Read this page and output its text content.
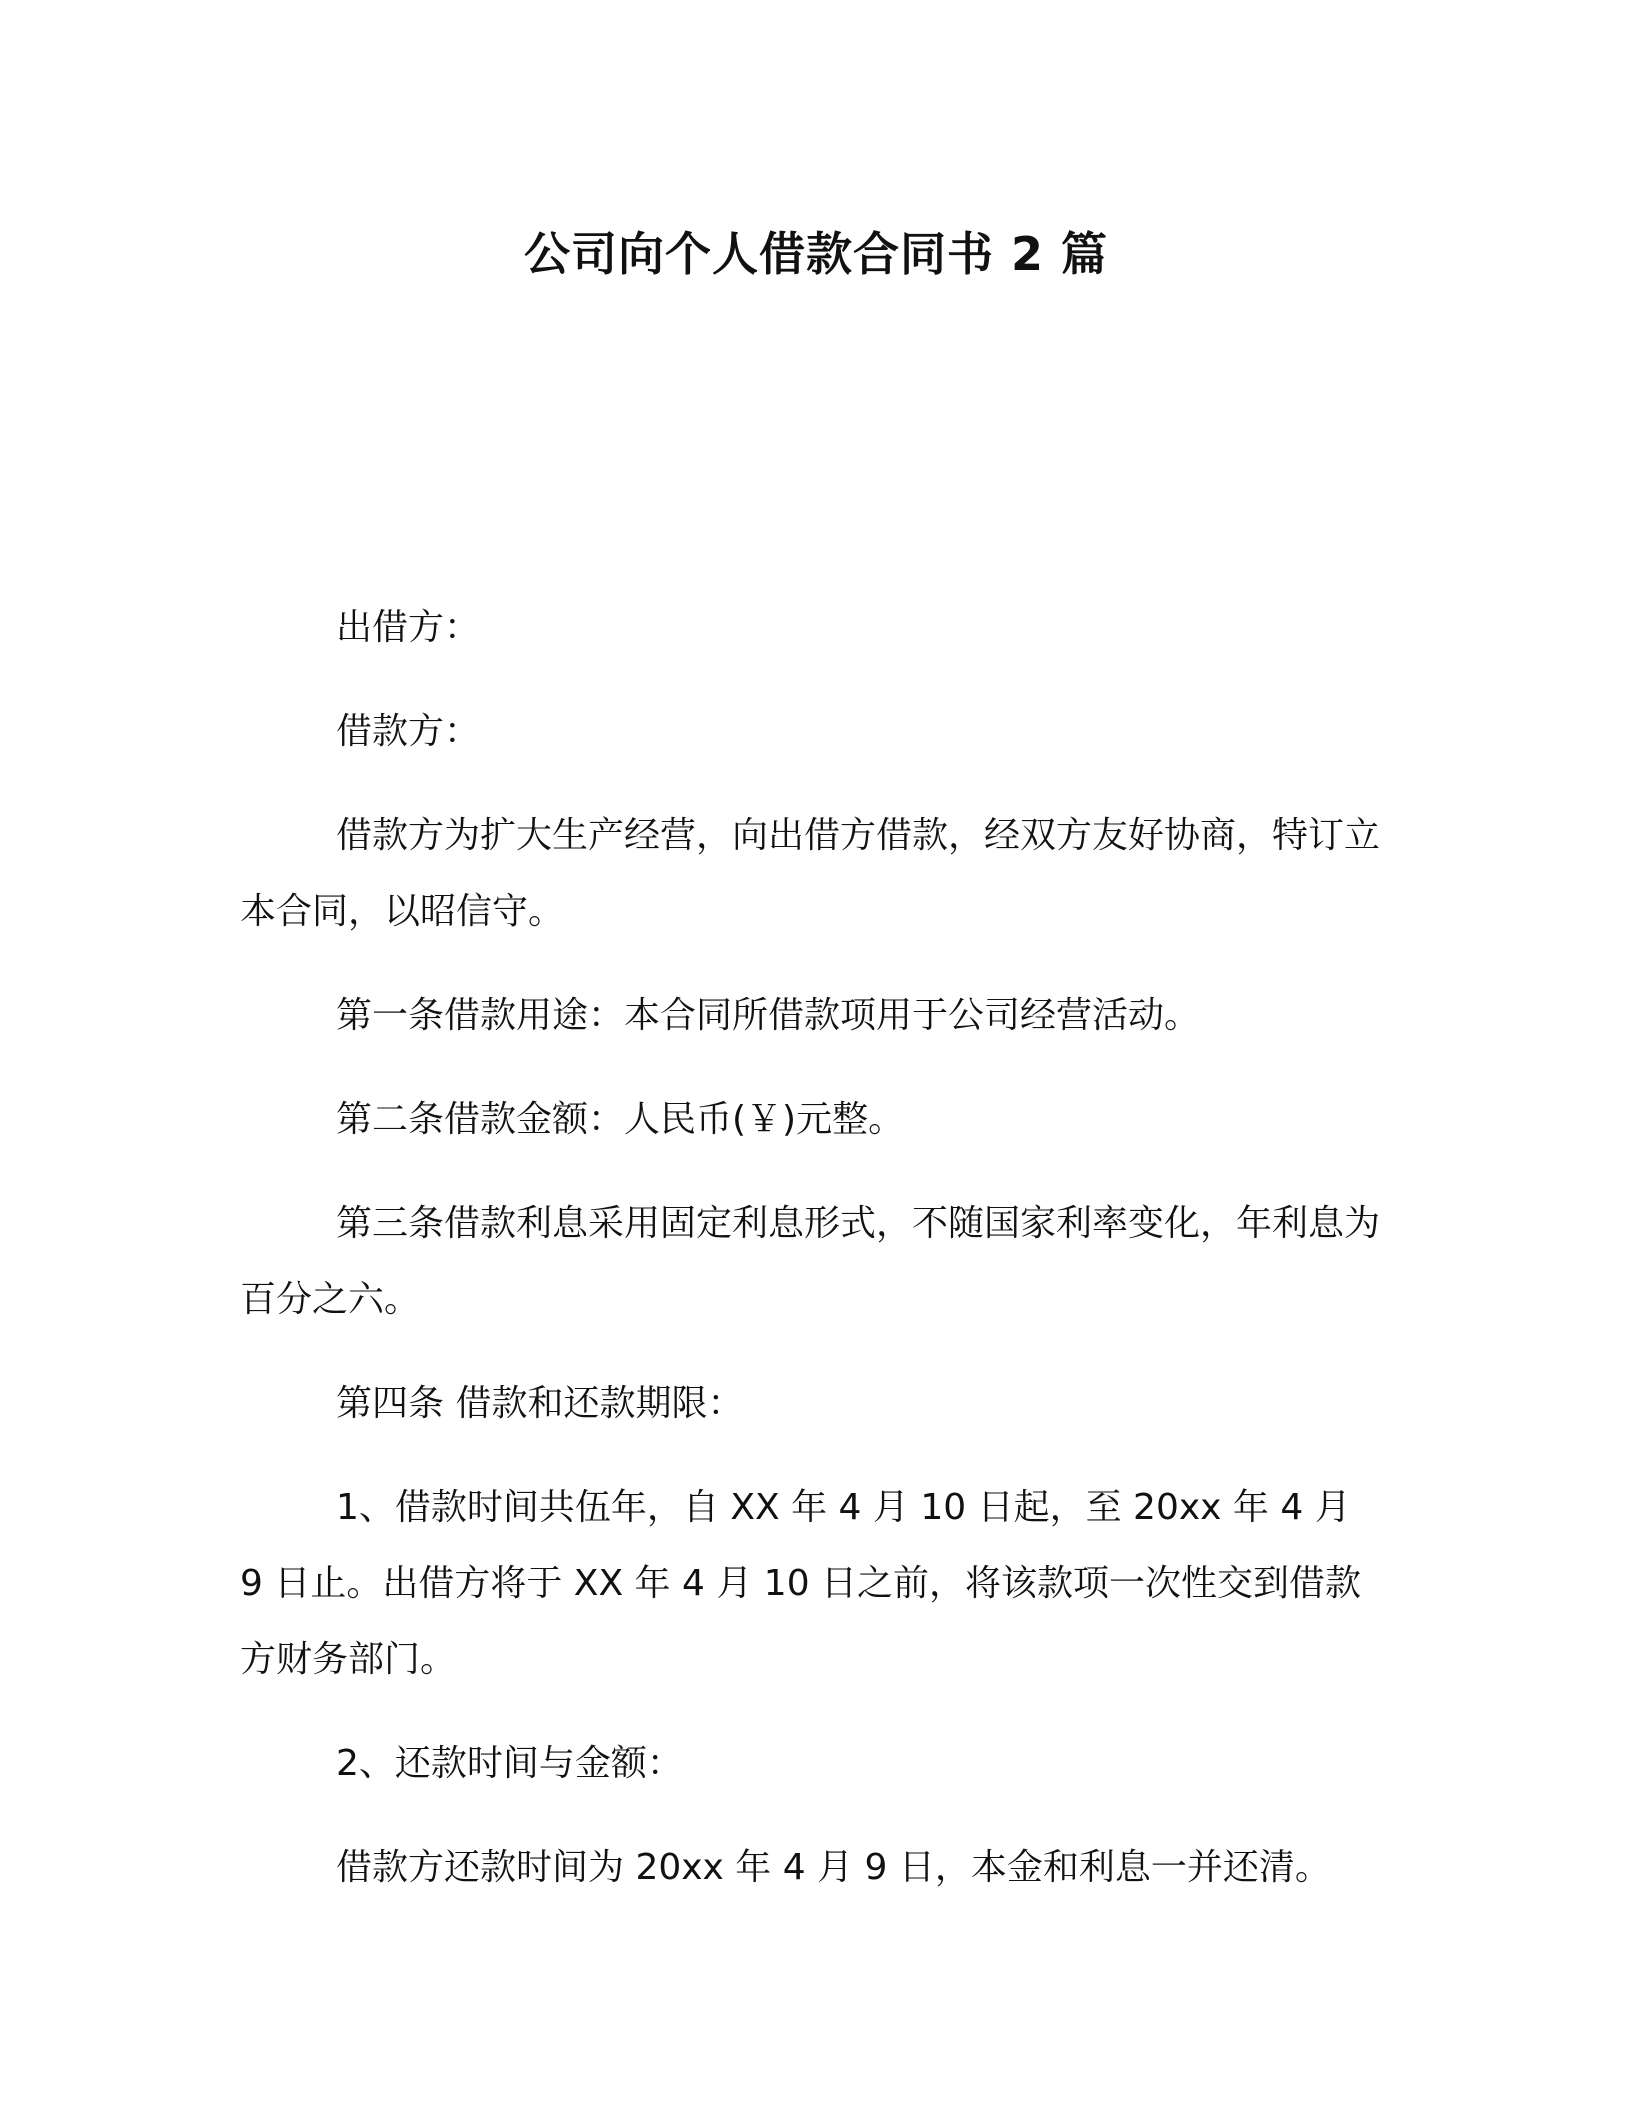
公司向个人借款合同书 2 篇

出借方：

借款方：

借款方为扩大生产经营，向出借方借款，经双方友好协商，特订立本合同，以昭信守。

第一条借款用途：本合同所借款项用于公司经营活动。

第二条借款金额：人民币(￥)元整。

第三条借款利息采用固定利息形式，不随国家利率变化，年利息为百分之六。

第四条 借款和还款期限：

1、借款时间共伍年，自 XX 年 4 月 10 日起，至 20xx 年 4 月 9 日止。出借方将于 XX 年 4 月 10 日之前，将该款项一次性交到借款方财务部门。

2、还款时间与金额：

借款方还款时间为 20xx 年 4 月 9 日，本金和利息一并还清。
